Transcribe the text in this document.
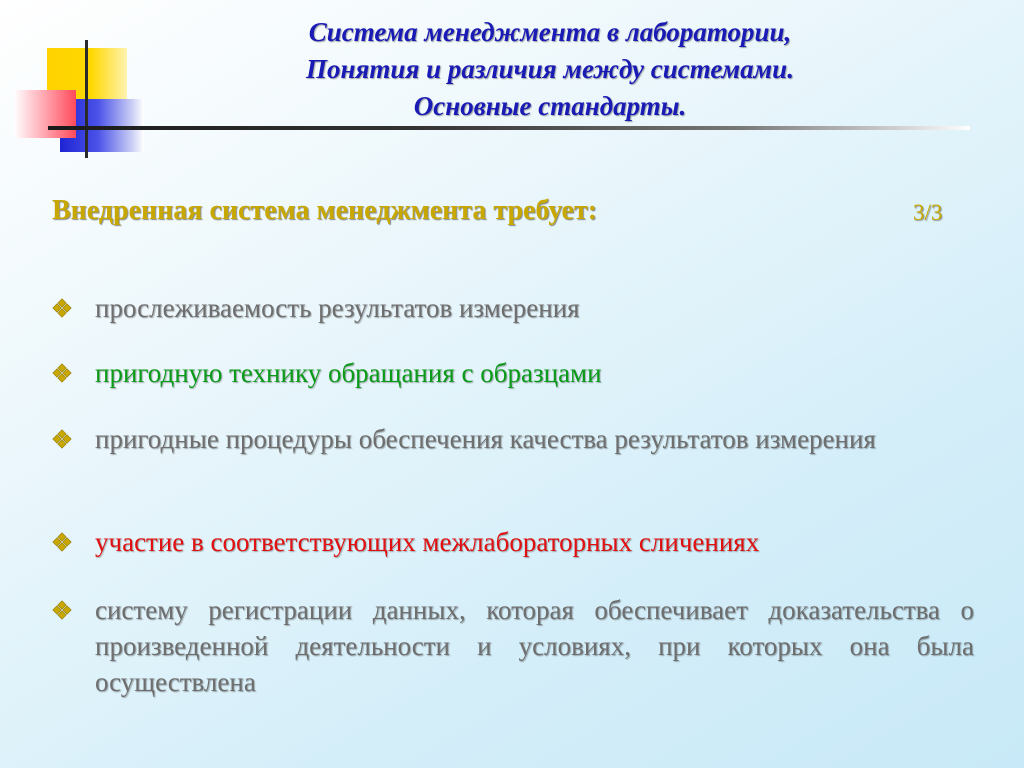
Система менеджмента в лаборатории,
Понятия и различия между системами.
Основные стандарты.
Внедренная система менеджмента требует:	3/3
прослеживаемость результатов измерения
пригодную технику обращания с образцами
пригодные процедуры обеспечения качества результатов измерения
участие в соответствующих межлабораторных сличениях
систему регистрации данных, которая обеспечивает доказательства о произведенной деятельности и условиях, при которых она была осуществлена
